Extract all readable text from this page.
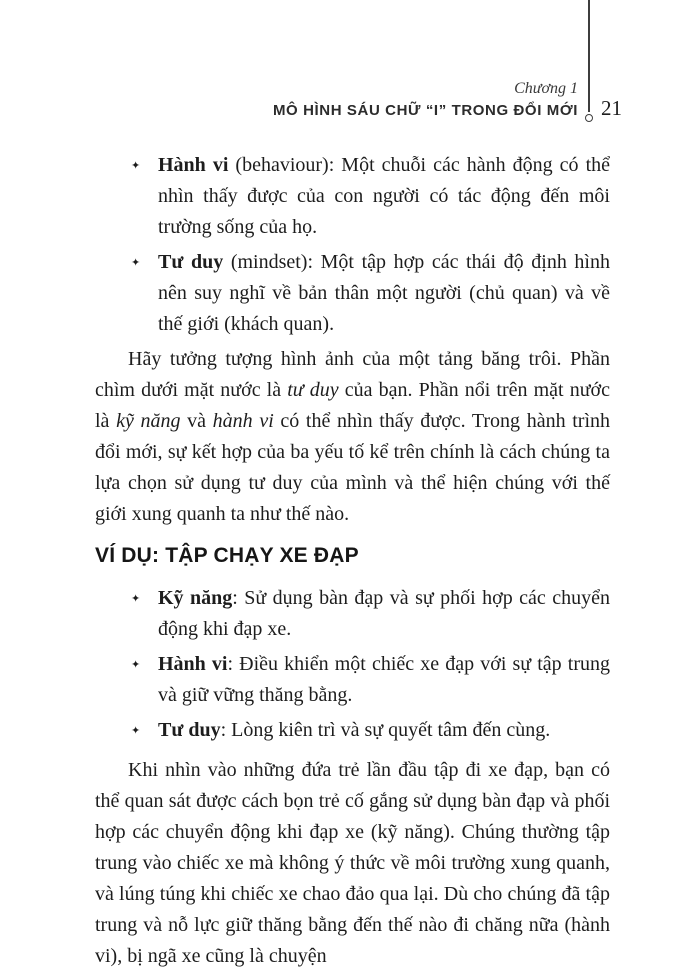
Chương 1
MÔ HÌNH SÁU CHỮ “I” TRONG ĐỔI MỚI 21
✦ Hành vi (behaviour): Một chuỗi các hành động có thể nhìn thấy được của con người có tác động đến môi trường sống của họ.
✦ Tư duy (mindset): Một tập hợp các thái độ định hình nên suy nghĩ về bản thân một người (chủ quan) và về thế giới (khách quan).

Hãy tưởng tượng hình ảnh của một tảng băng trôi. Phần chìm dưới mặt nước là tư duy của bạn. Phần nổi trên mặt nước là kỹ năng và hành vi có thể nhìn thấy được. Trong hành trình đổi mới, sự kết hợp của ba yếu tố kể trên chính là cách chúng ta lựa chọn sử dụng tư duy của mình và thể hiện chúng với thế giới xung quanh ta như thế nào.

VÍ DỤ: TẬP CHẠY XE ĐẠP
✦ Kỹ năng: Sử dụng bàn đạp và sự phối hợp các chuyển động khi đạp xe.
✦ Hành vi: Điều khiển một chiếc xe đạp với sự tập trung và giữ vững thăng bằng.
✦ Tư duy: Lòng kiên trì và sự quyết tâm đến cùng.

Khi nhìn vào những đứa trẻ lần đầu tập đi xe đạp, bạn có thể quan sát được cách bọn trẻ cố gắng sử dụng bàn đạp và phối hợp các chuyển động khi đạp xe (kỹ năng). Chúng thường tập trung vào chiếc xe mà không ý thức về môi trường xung quanh, và lúng túng khi chiếc xe chao đảo qua lại. Dù cho chúng đã tập trung và nỗ lực giữ thăng bằng đến thế nào đi chăng nữa (hành vi), bị ngã xe cũng là chuyện
